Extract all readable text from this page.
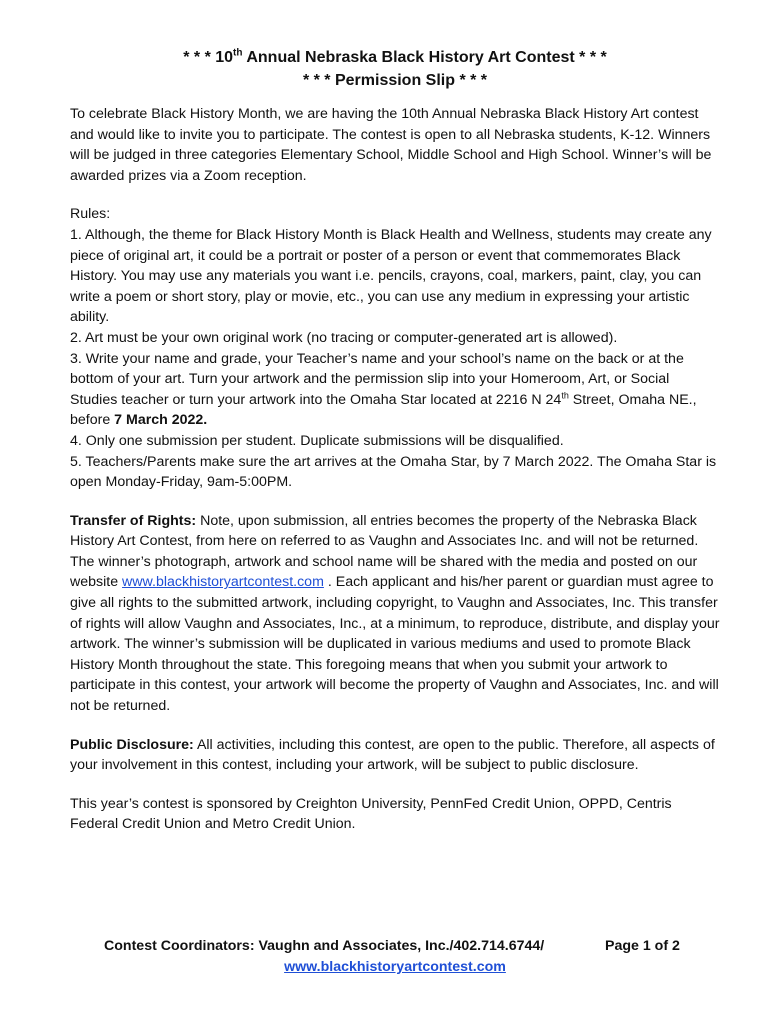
* * * 10th Annual Nebraska Black History Art Contest * * *
* * * Permission Slip * * *

To celebrate Black History Month, we are having the 10th Annual Nebraska Black History Art contest and would like to invite you to participate. The contest is open to all Nebraska students, K-12. Winners will be judged in three categories Elementary School, Middle School and High School. Winner’s will be awarded prizes via a Zoom reception.

Rules:
1. Although, the theme for Black History Month is Black Health and Wellness, students may create any piece of original art, it could be a portrait or poster of a person or event that commemorates Black History. You may use any materials you want i.e. pencils, crayons, coal, markers, paint, clay, you can write a poem or short story, play or movie, etc., you can use any medium in expressing your artistic ability.
2. Art must be your own original work (no tracing or computer-generated art is allowed).
3. Write your name and grade, your Teacher’s name and your school’s name on the back or at the bottom of your art. Turn your artwork and the permission slip into your Homeroom, Art, or Social Studies teacher or turn your artwork into the Omaha Star located at 2216 N 24th Street, Omaha NE., before 7 March 2022.
4. Only one submission per student. Duplicate submissions will be disqualified.
5. Teachers/Parents make sure the art arrives at the Omaha Star, by 7 March 2022. The Omaha Star is open Monday-Friday, 9am-5:00PM.

Transfer of Rights: Note, upon submission, all entries becomes the property of the Nebraska Black History Art Contest, from here on referred to as Vaughn and Associates Inc. and will not be returned. The winner’s photograph, artwork and school name will be shared with the media and posted on our website www.blackhistoryartcontest.com . Each applicant and his/her parent or guardian must agree to give all rights to the submitted artwork, including copyright, to Vaughn and Associates, Inc. This transfer of rights will allow Vaughn and Associates, Inc., at a minimum, to reproduce, distribute, and display your artwork. The winner’s submission will be duplicated in various mediums and used to promote Black History Month throughout the state. This foregoing means that when you submit your artwork to participate in this contest, your artwork will become the property of Vaughn and Associates, Inc. and will not be returned.

Public Disclosure: All activities, including this contest, are open to the public. Therefore, all aspects of your involvement in this contest, including your artwork, will be subject to public disclosure.

This year’s contest is sponsored by Creighton University, PennFed Credit Union, OPPD, Centris Federal Credit Union and Metro Credit Union.

Contest Coordinators: Vaughn and Associates, Inc./402.714.6744/	Page 1 of 2
www.blackhistoryartcontest.com
